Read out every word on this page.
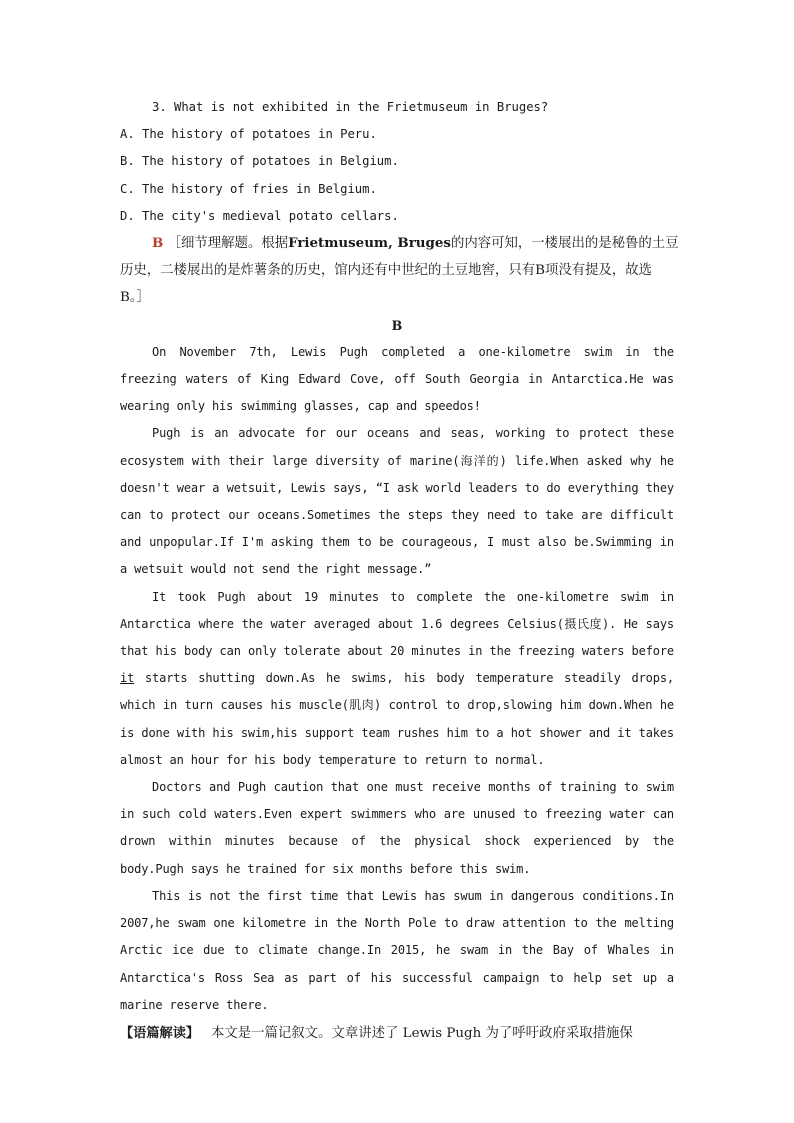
3. What is not exhibited in the Frietmuseum in Bruges?
A. The history of potatoes in Peru.
B. The history of potatoes in Belgium.
C. The history of fries in Belgium.
D. The city's medieval potato cellars.
B ［细节理解题。根据Frietmuseum, Bruges的内容可知，一楼展出的是秘鲁的土豆
历史，二楼展出的是炸薯条的历史，馆内还有中世纪的土豆地窖，只有B项没有提及，故选
B。］
B

On November 7th, Lewis Pugh completed a one-kilometre swim in the freezing waters of King Edward Cove, off South Georgia in Antarctica.He was wearing only his swimming glasses, cap and speedos!

Pugh is an advocate for our oceans and seas, working to protect these ecosystem with their large diversity of marine(海洋的) life.When asked why he doesn't wear a wetsuit, Lewis says, “I ask world leaders to do everything they can to protect our oceans.Sometimes the steps they need to take are difficult and unpopular.If I'm asking them to be courageous, I must also be.Swimming in a wetsuit would not send the right message.”

It took Pugh about 19 minutes to complete the one-kilometre swim in Antarctica where the water averaged about 1.6 degrees Celsius(摄氏度). He says that his body can only tolerate about 20 minutes in the freezing waters before it starts shutting down.As he swims, his body temperature steadily drops, which in turn causes his muscle(肌肉) control to drop,slowing him down.When he is done with his swim,his support team rushes him to a hot shower and it takes almost an hour for his body temperature to return to normal.

Doctors and Pugh caution that one must receive months of training to swim in such cold waters.Even expert swimmers who are unused to freezing water can drown within minutes because of the physical shock experienced by the body.Pugh says he trained for six months before this swim.

This is not the first time that Lewis has swum in dangerous conditions.In 2007,he swam one kilometre in the North Pole to draw attention to the melting Arctic ice due to climate change.In 2015, he swam in the Bay of Whales in Antarctica's Ross Sea as part of his successful campaign to help set up a marine reserve there.

【语篇解读】 本文是一篇记叙文。文章讲述了 Lewis Pugh 为了呼吁政府采取措施保
